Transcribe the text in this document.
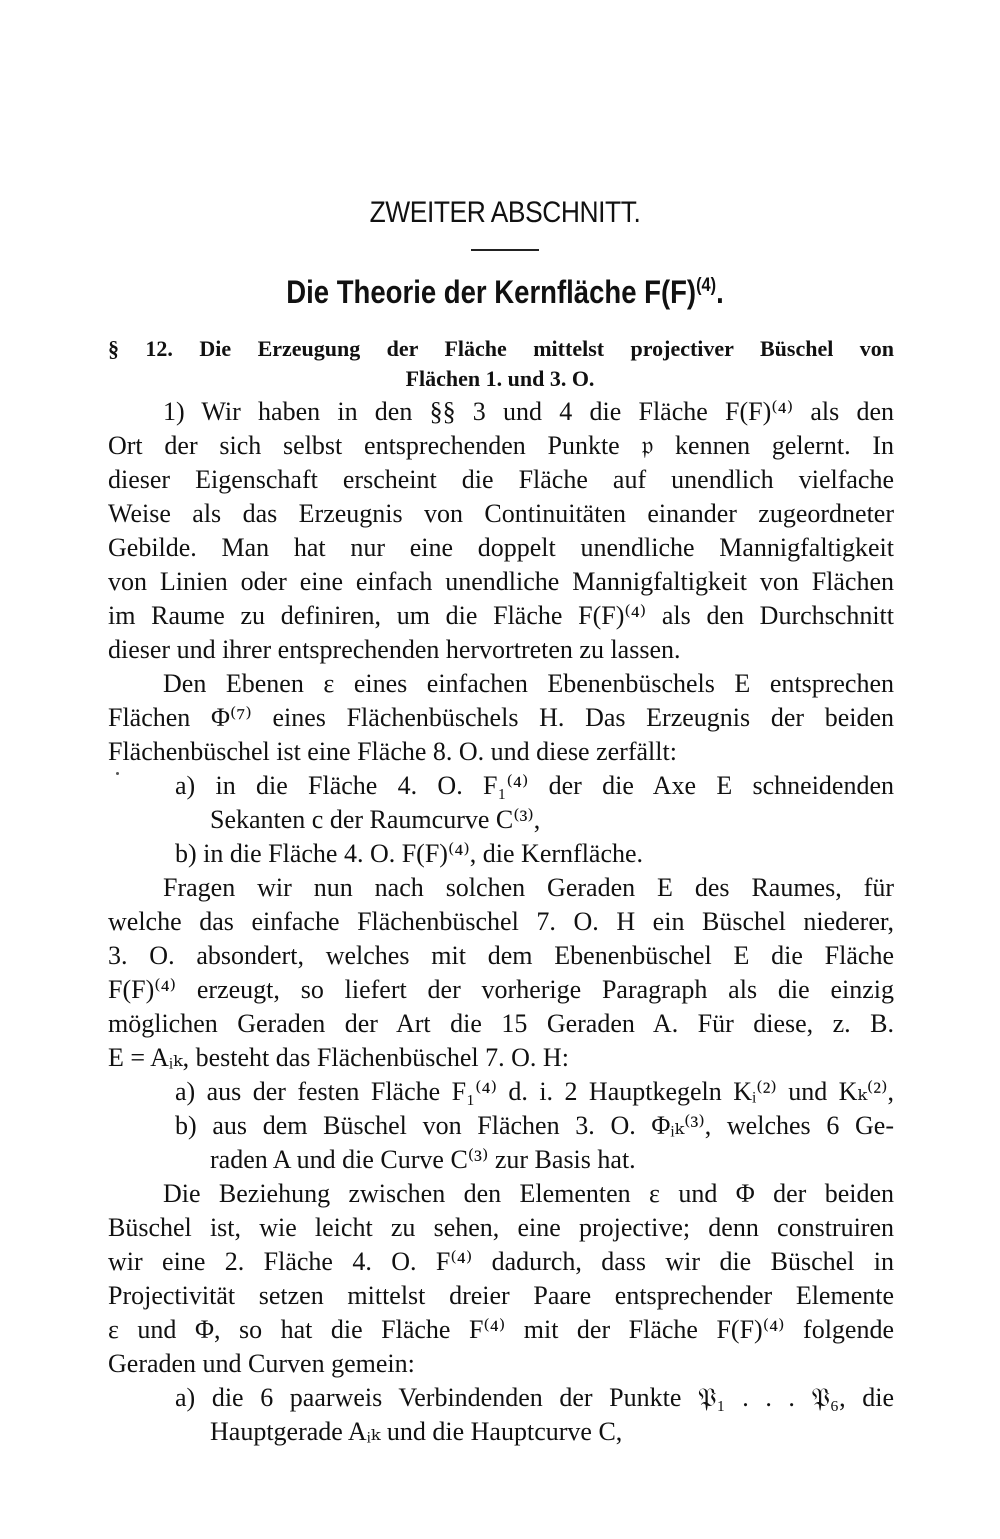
ZWEITER ABSCHNITT.
Die Theorie der Kernfläche $F(F)^{(4)}$.
§ 12. Die Erzeugung der Fläche mittelst projectiver Büschel von
Flächen 1. und 3. O.
1) Wir haben in den §§ 3 und 4 die Fläche F(F)⁽⁴⁾ als den
Ort der sich selbst entsprechenden Punkte 𝔭 kennen gelernt. In
dieser Eigenschaft erscheint die Fläche auf unendlich vielfache
Weise als das Erzeugnis von Continuitäten einander zugeordneter
Gebilde. Man hat nur eine doppelt unendliche Mannigfaltigkeit
von Linien oder eine einfach unendliche Mannigfaltigkeit von Flächen
im Raume zu definiren, um die Fläche F(F)⁽⁴⁾ als den Durchschnitt
dieser und ihrer entsprechenden hervortreten zu lassen.
Den Ebenen ε eines einfachen Ebenenbüschels E entsprechen
Flächen Φ⁽⁷⁾ eines Flächenbüschels H. Das Erzeugnis der beiden
Flächenbüschel ist eine Fläche 8. O. und diese zerfällt:
a) in die Fläche 4. O. F₁⁽⁴⁾ der die Axe E schneidenden
Sekanten c der Raumcurve C⁽³⁾,
b) in die Fläche 4. O. F(F)⁽⁴⁾, die Kernfläche.
Fragen wir nun nach solchen Geraden E des Raumes, für
welche das einfache Flächenbüschel 7. O. H ein Büschel niederer,
3. O. absondert, welches mit dem Ebenenbüschel E die Fläche
F(F)⁽⁴⁾ erzeugt, so liefert der vorherige Paragraph als die einzig
möglichen Geraden der Art die 15 Geraden A. Für diese, z. B.
E = Aᵢₖ, besteht das Flächenbüschel 7. O. H:
a) aus der festen Fläche F₁⁽⁴⁾ d. i. 2 Hauptkegeln Kᵢ⁽²⁾ und Kₖ⁽²⁾,
b) aus dem Büschel von Flächen 3. O. Φᵢₖ⁽³⁾, welches 6 Ge-
raden A und die Curve C⁽³⁾ zur Basis hat.
Die Beziehung zwischen den Elementen ε und Φ der beiden
Büschel ist, wie leicht zu sehen, eine projective; denn construiren
wir eine 2. Fläche 4. O. F⁽⁴⁾ dadurch, dass wir die Büschel in
Projectivität setzen mittelst dreier Paare entsprechender Elemente
ε und Φ, so hat die Fläche F⁽⁴⁾ mit der Fläche F(F)⁽⁴⁾ folgende
Geraden und Curven gemein:
a) die 6 paarweis Verbindenden der Punkte 𝔓₁ . . . 𝔓₆, die
Hauptgerade Aᵢₖ und die Hauptcurve C,
